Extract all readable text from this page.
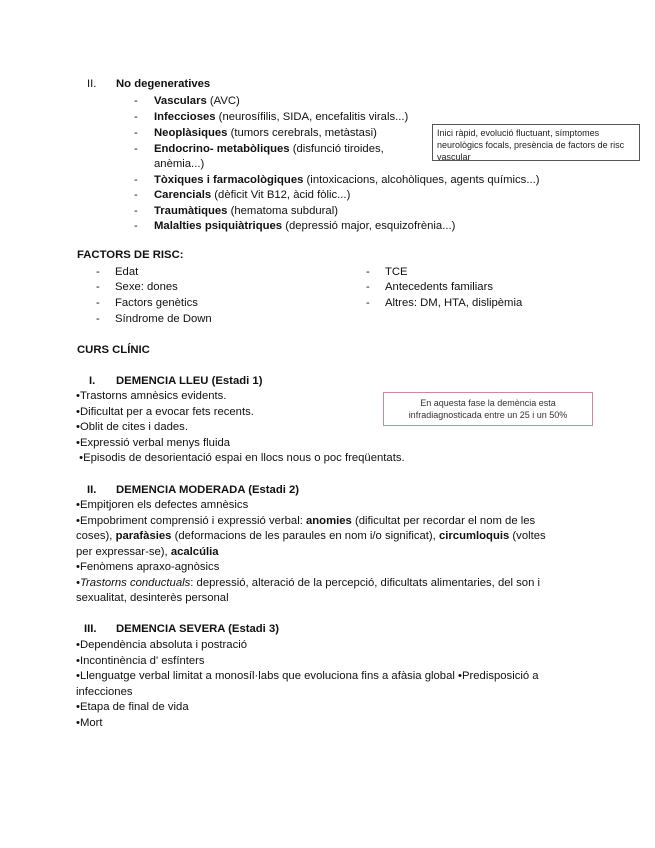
II. No degeneratives
- Vasculars (AVC)
- Infeccioses (neurosífilis, SIDA, encefalitis virals...)
- Neoplàsiques (tumors cerebrals, metàstasi)
- Endocrino- metabòliques (disfunció tiroides,
anèmia...)
- Tòxiques i farmacològiques (intoxicacions, alcohòliques, agents químics...)
- Carencials (dèficit Vit B12, àcid fòlic...)
- Traumàtiques (hematoma subdural)
- Malalties psiquiàtriques (depressió major, esquizofrènia...)
Inici ràpid, evolució fluctuant, símptomes neurològics focals, presència de factors de risc vascular
FACTORS DE RISC:
- Edat
- Sexe: dones
- Factors genètics
- Síndrome de Down
- TCE
- Antecedents familiars
- Altres: DM, HTA, dislipèmia
CURS CLÍNIC
I. DEMENCIA LLEU (Estadi 1)
•Trastorns amnèsics evidents.
•Dificultat per a evocar fets recents.
•Oblit de cites i dades.
•Expressió verbal menys fluida
•Episodis de desorientació espai en llocs nous o poc freqüentats.
En aquesta fase la demència esta infradiagnosticada entre un 25 i un 50%
II. DEMENCIA MODERADA (Estadi 2)
•Empitjoren els defectes amnèsics
•Empobriment comprensió i expressió verbal: anomies (dificultat per recordar el nom de les
coses), parafàsies (deformacions de les paraules en nom i/o significat), circumloquis (voltes
per expressar-se), acalcúlia
•Fenòmens apraxo-agnòsics
•Trastorns conductuals: depressió, alteració de la percepció, dificultats alimentaries, del son i
sexualitat, desinterès personal
III. DEMENCIA SEVERA (Estadi 3)
•Dependència absoluta i postració
•Incontinència d' esfínters
•Llenguatge verbal limitat a monosíl·labs que evoluciona fins a afàsia global •Predisposició a
infecciones
•Etapa de final de vida
•Mort
